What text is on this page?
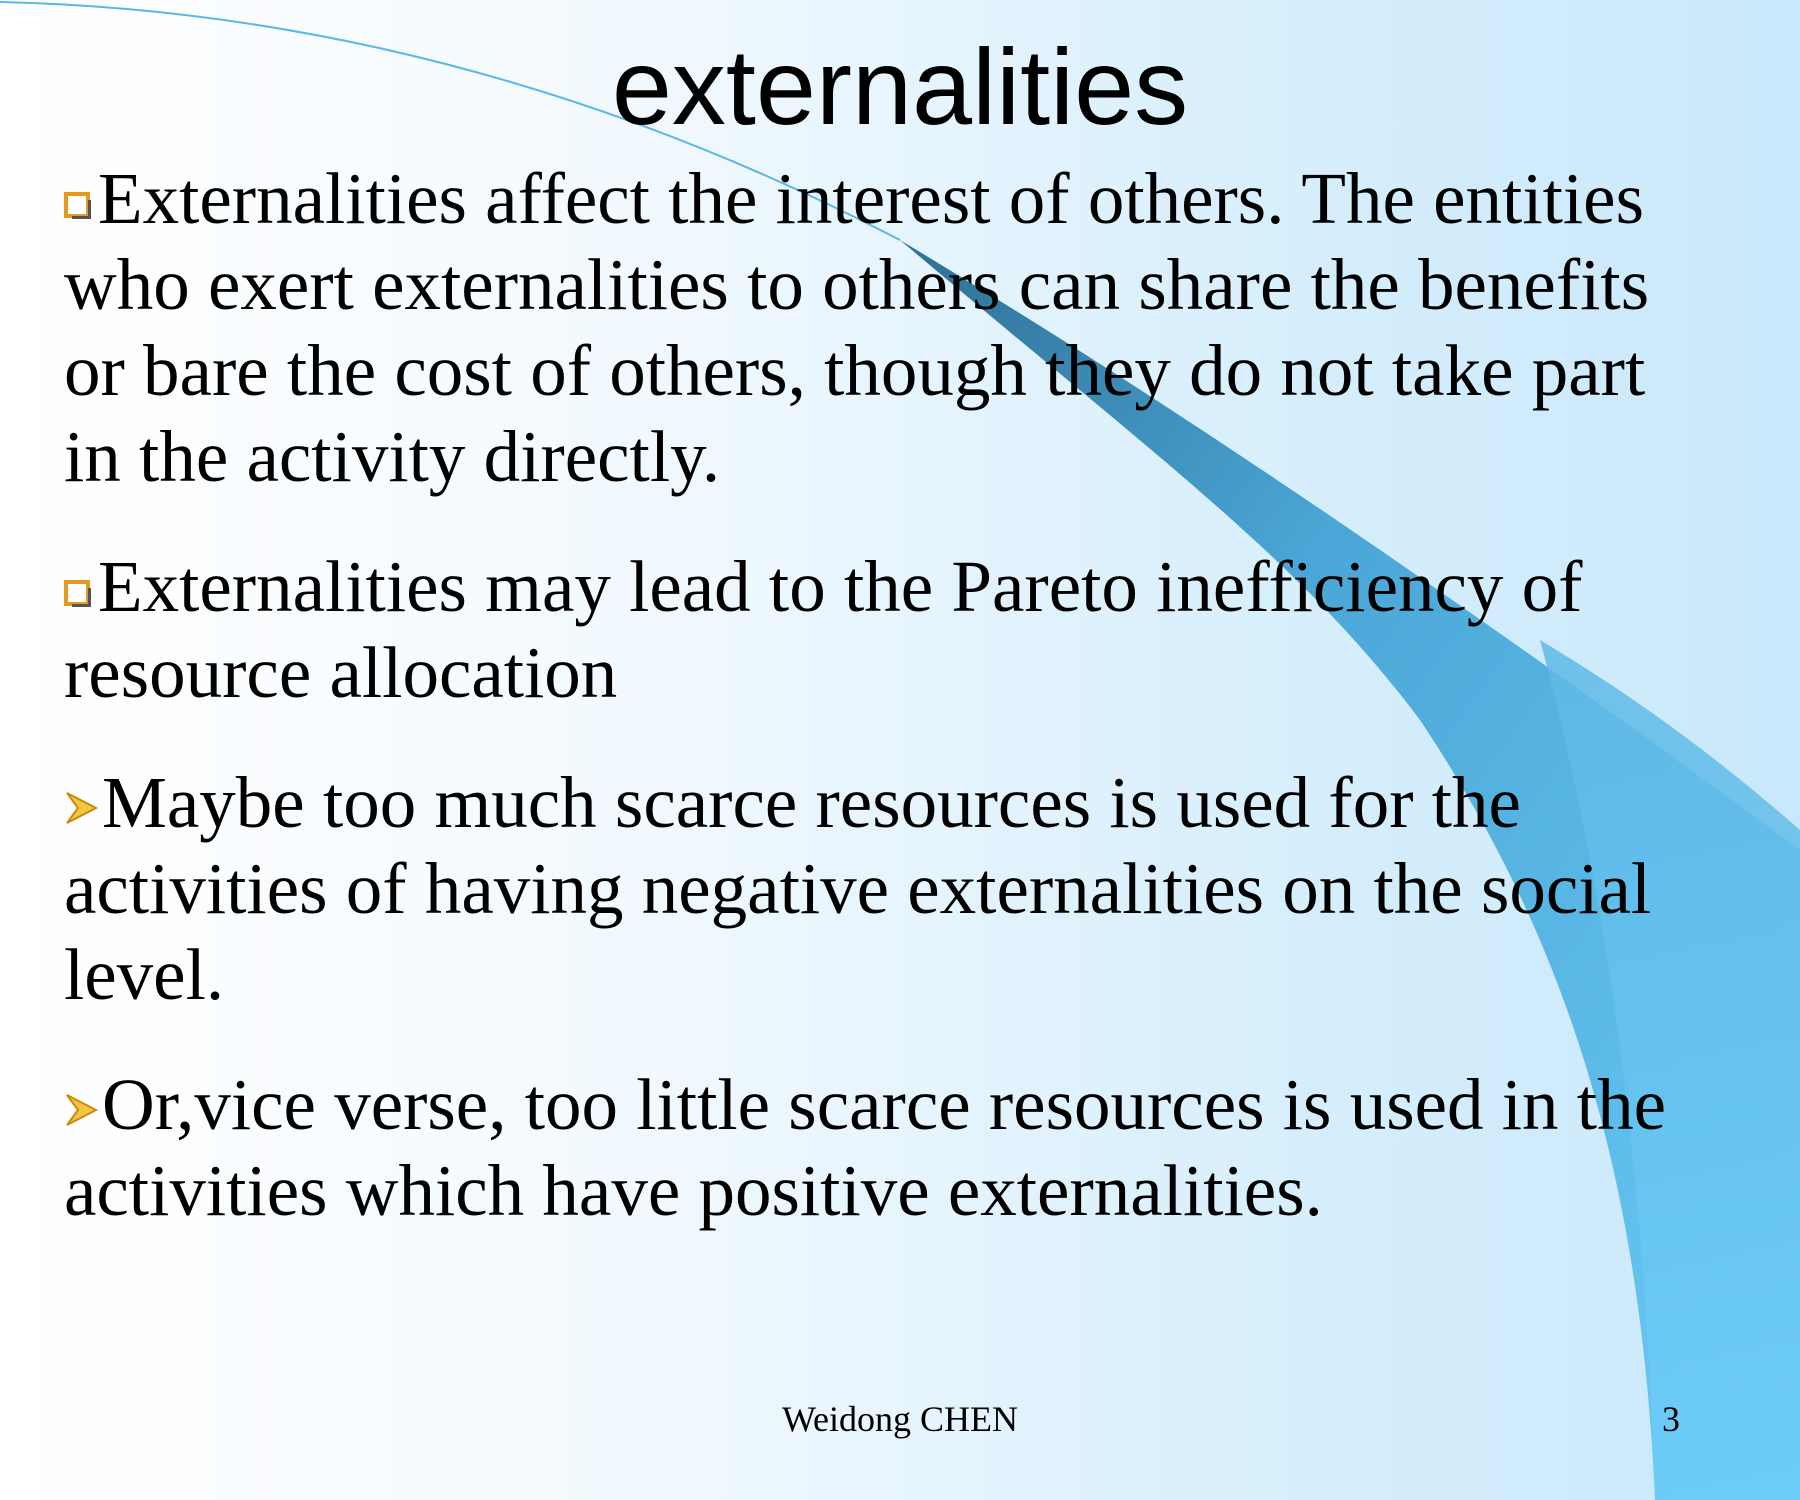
externalities

Externalities affect the interest of others. The entities who exert externalities to others can share the benefits or bare the cost of others, though they do not take part in the activity directly.

Externalities may lead to the Pareto inefficiency of resource allocation

Maybe too much scarce resources is used for the activities of having negative externalities on the social level.

Or,vice verse, too little scarce resources is used in the activities which have positive externalities.

Weidong CHEN	3
